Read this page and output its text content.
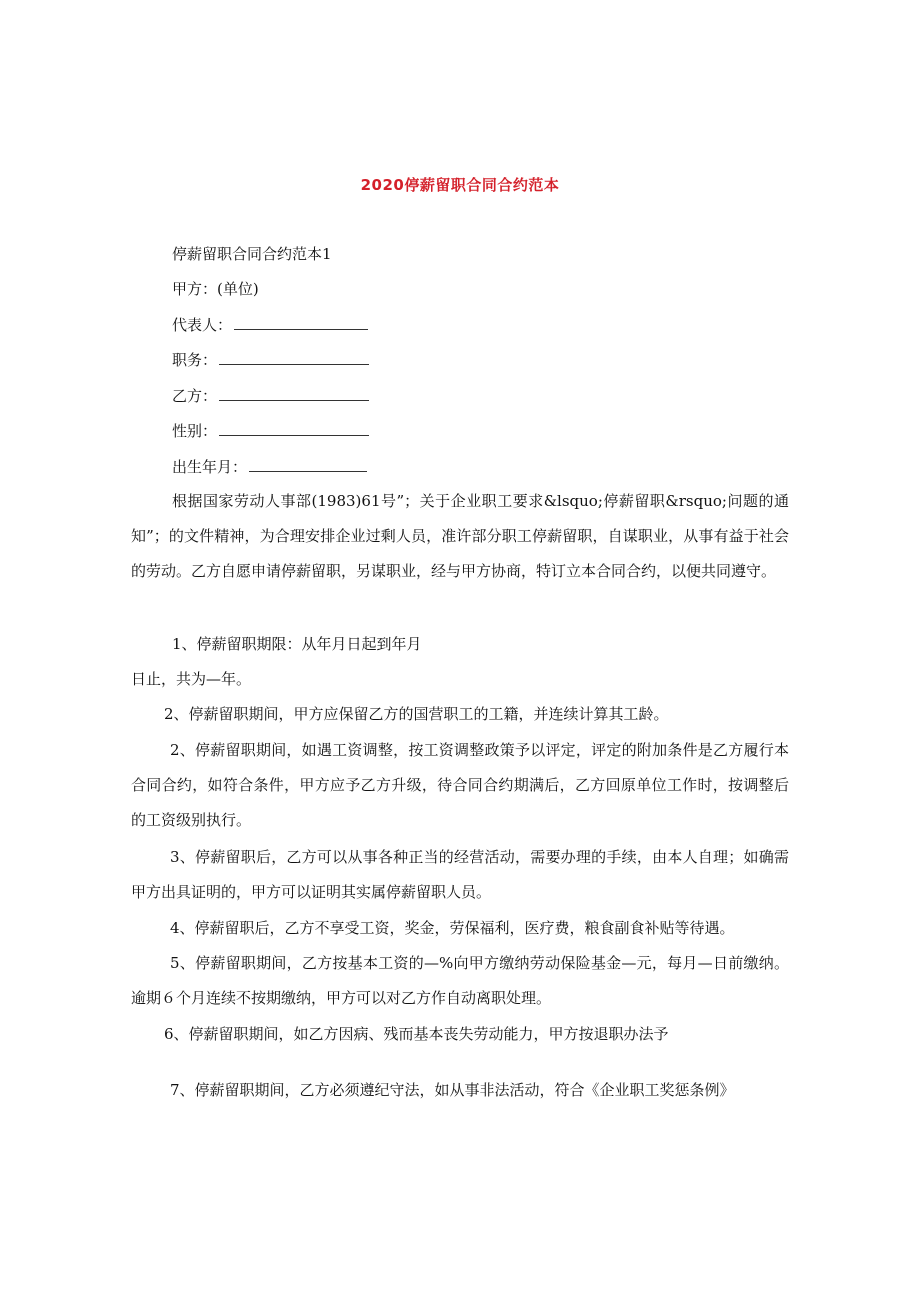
2020停薪留职合同合约范本
停薪留职合同合约范本1
甲方：(单位)
代表人：
职务：
乙方：
性别：
出生年月：
根据国家劳动人事部(1983)61号”；关于企业职工要求&lsquo;停薪留职&rsquo;问题的通知”；的文件精神，为合理安排企业过剩人员，准许部分职工停薪留职，自谋职业，从事有益于社会的劳动。乙方自愿申请停薪留职，另谋职业，经与甲方协商，特订立本合同合约，以便共同遵守。
1、停薪留职期限：从年月日起到年月
日止，共为—年。
2、停薪留职期间，甲方应保留乙方的国营职工的工籍，并连续计算其工龄。
2、停薪留职期间，如遇工资调整，按工资调整政策予以评定，评定的附加条件是乙方履行本合同合约，如符合条件，甲方应予乙方升级，待合同合约期满后，乙方回原单位工作时，按调整后的工资级别执行。
3、停薪留职后，乙方可以从事各种正当的经营活动，需要办理的手续，由本人自理；如确需甲方出具证明的，甲方可以证明其实属停薪留职人员。
4、停薪留职后，乙方不享受工资，奖金，劳保福利，医疗费，粮食副食补贴等待遇。
5、停薪留职期间，乙方按基本工资的—%向甲方缴纳劳动保险基金—元，每月—日前缴纳。逾期６个月连续不按期缴纳，甲方可以对乙方作自动离职处理。
6、停薪留职期间，如乙方因病、残而基本丧失劳动能力，甲方按退职办法予
7、停薪留职期间，乙方必须遵纪守法，如从事非法活动，符合《企业职工奖惩条例》
